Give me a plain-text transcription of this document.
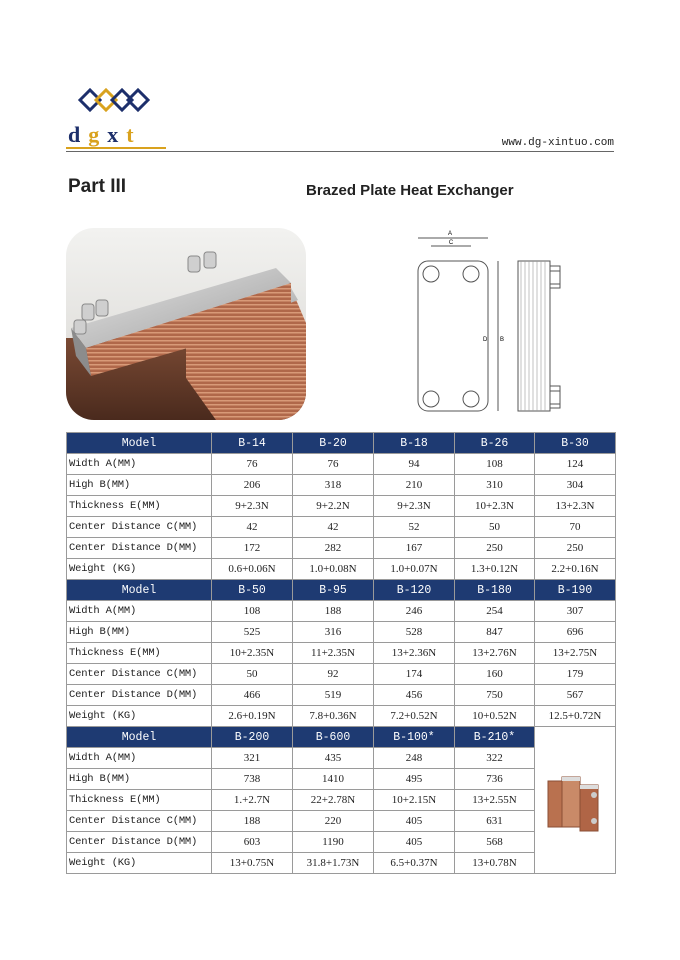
dgxt	www.dg-xintuo.com
Part III	Brazed Plate Heat Exchanger
A
C
D B
Model	B-14	B-20	B-18	B-26	B-30
Width A(MM)	76	76	94	108	124
High B(MM)	206	318	210	310	304
Thickness E(MM)	9+2.3N	9+2.2N	9+2.3N	10+2.3N	13+2.3N
Center Distance C(MM)	42	42	52	50	70
Center Distance D(MM)	172	282	167	250	250
Weight (KG)	0.6+0.06N	1.0+0.08N	1.0+0.07N	1.3+0.12N	2.2+0.16N
Model	B-50	B-95	B-120	B-180	B-190
Width A(MM)	108	188	246	254	307
High B(MM)	525	316	528	847	696
Thickness E(MM)	10+2.35N	11+2.35N	13+2.36N	13+2.76N	13+2.75N
Center Distance C(MM)	50	92	174	160	179
Center Distance D(MM)	466	519	456	750	567
Weight (KG)	2.6+0.19N	7.8+0.36N	7.2+0.52N	10+0.52N	12.5+0.72N
Model	B-200	B-600	B-100*	B-210*	
Width A(MM)	321	435	248	322	
High B(MM)	738	1410	495	736	
Thickness E(MM)	1.+2.7N	22+2.78N	10+2.15N	13+2.55N	
Center Distance C(MM)	188	220	405	631	
Center Distance D(MM)	603	1190	405	568	
Weight (KG)	13+0.75N	31.8+1.73N	6.5+0.37N	13+0.78N	
